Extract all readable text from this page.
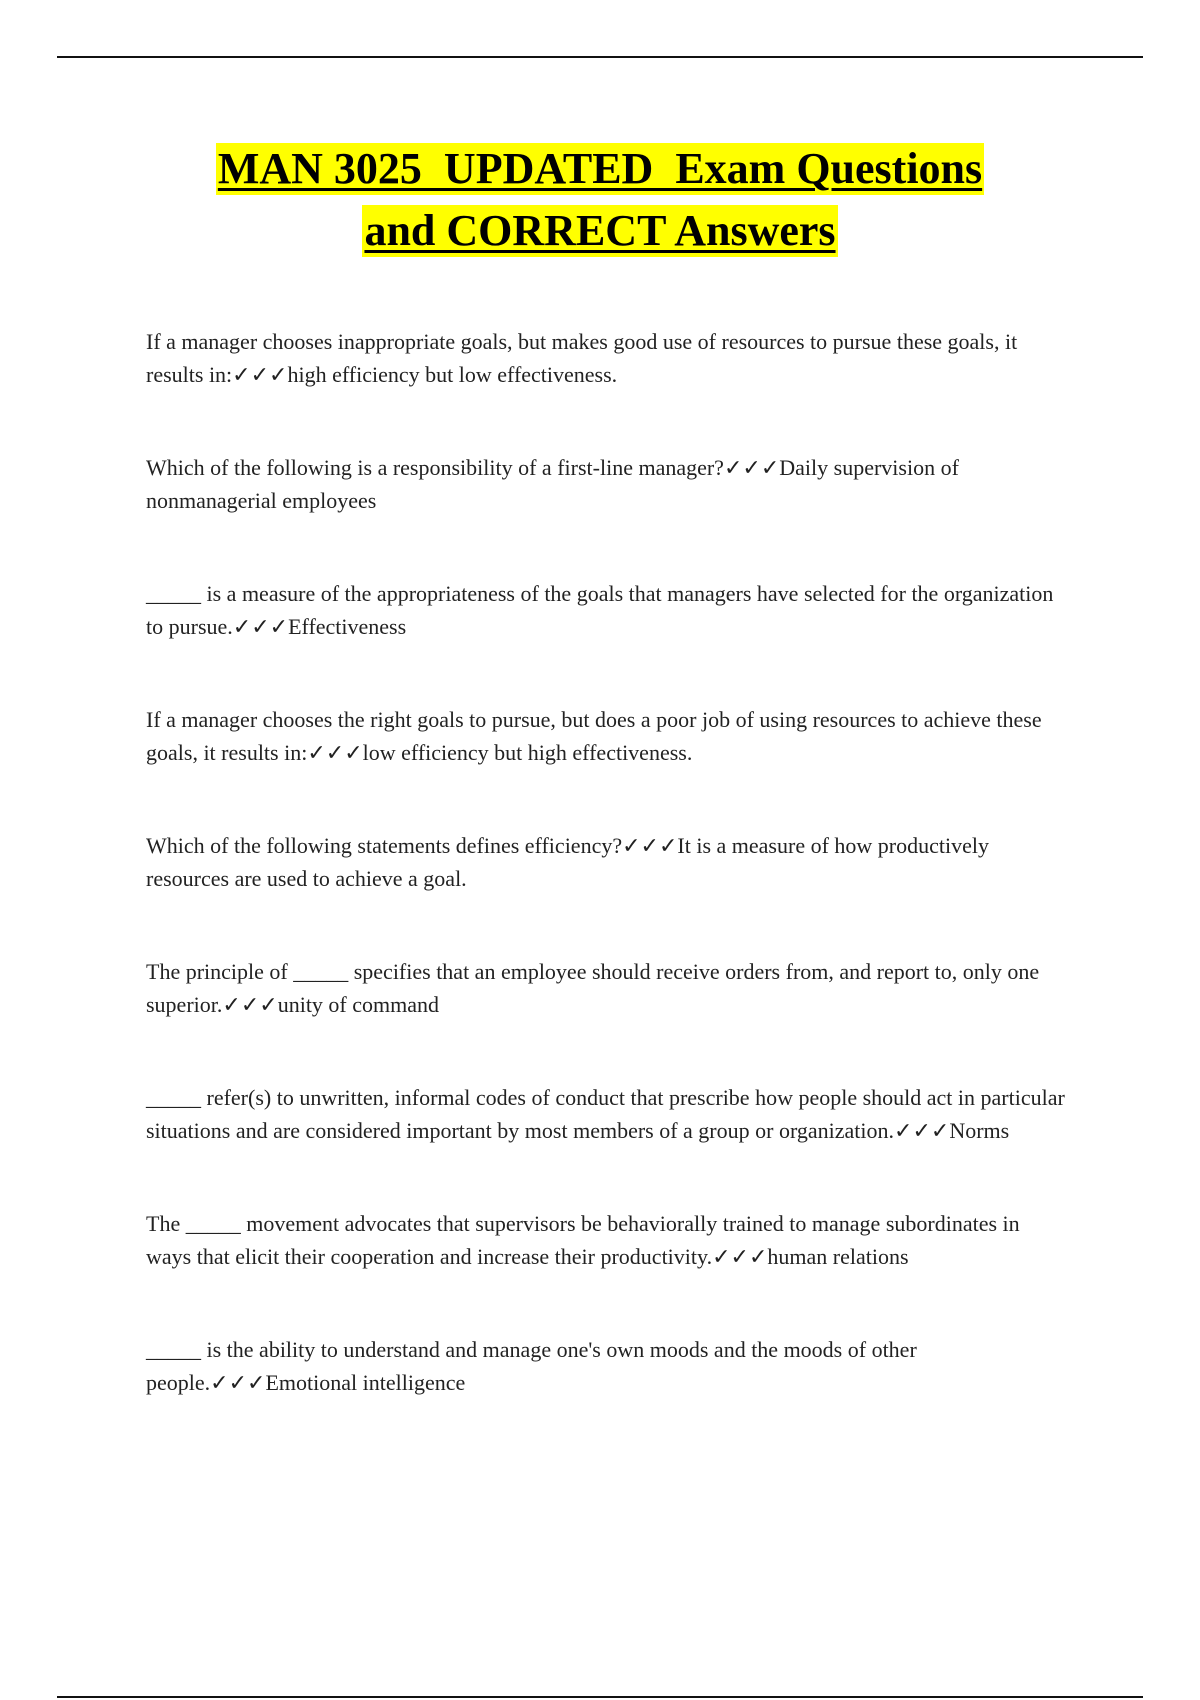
MAN 3025  UPDATED  Exam Questions
and CORRECT Answers

If a manager chooses inappropriate goals, but makes good use of resources to pursue these goals, it results in:✓✓✓high efficiency but low effectiveness.

Which of the following is a responsibility of a first-line manager?✓✓✓Daily supervision of nonmanagerial employees

_____ is a measure of the appropriateness of the goals that managers have selected for the organization to pursue.✓✓✓Effectiveness

If a manager chooses the right goals to pursue, but does a poor job of using resources to achieve these goals, it results in:✓✓✓low efficiency but high effectiveness.

Which of the following statements defines efficiency?✓✓✓It is a measure of how productively resources are used to achieve a goal.

The principle of _____ specifies that an employee should receive orders from, and report to, only one superior.✓✓✓unity of command

_____ refer(s) to unwritten, informal codes of conduct that prescribe how people should act in particular situations and are considered important by most members of a group or organization.✓✓✓Norms

The _____ movement advocates that supervisors be behaviorally trained to manage subordinates in ways that elicit their cooperation and increase their productivity.✓✓✓human relations

_____ is the ability to understand and manage one's own moods and the moods of other people.✓✓✓Emotional intelligence
